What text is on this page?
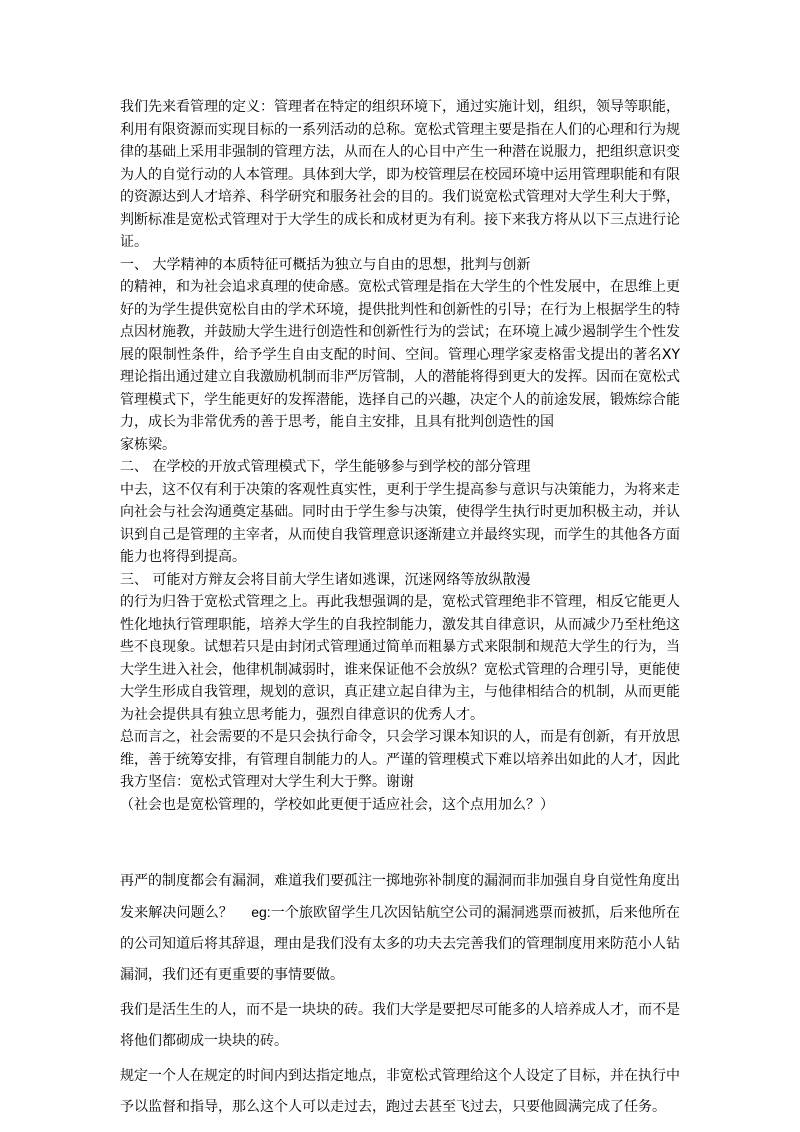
我们先来看管理的定义：管理者在特定的组织环境下，通过实施计划，组织，领导等职能，利用有限资源而实现目标的一系列活动的总称。宽松式管理主要是指在人们的心理和行为规律的基础上采用非强制的管理方法，从而在人的心目中产生一种潜在说服力，把组织意识变为人的自觉行动的人本管理。具体到大学，即为校管理层在校园环境中运用管理职能和有限的资源达到人才培养、科学研究和服务社会的目的。我们说宽松式管理对大学生利大于弊，判断标准是宽松式管理对于大学生的成长和成材更为有利。接下来我方将从以下三点进行论证。

一、 大学精神的本质特征可概括为独立与自由的思想，批判与创新

的精神，和为社会追求真理的使命感。宽松式管理是指在大学生的个性发展中，在思维上更好的为学生提供宽松自由的学术环境，提供批判性和创新性的引导；在行为上根据学生的特点因材施教，并鼓励大学生进行创造性和创新性行为的尝试；在环境上减少遏制学生个性发展的限制性条件，给予学生自由支配的时间、空间。管理心理学家麦格雷戈提出的著名XY理论指出通过建立自我激励机制而非严厉管制，人的潜能将得到更大的发挥。因而在宽松式管理模式下，学生能更好的发挥潜能，选择自己的兴趣，决定个人的前途发展，锻炼综合能力，成长为非常优秀的善于思考，能自主安排，且具有批判创造性的国

家栋梁。

二、 在学校的开放式管理模式下，学生能够参与到学校的部分管理

中去，这不仅有利于决策的客观性真实性，更利于学生提高参与意识与决策能力，为将来走向社会与社会沟通奠定基础。同时由于学生参与决策，使得学生执行时更加积极主动，并认识到自己是管理的主宰者，从而使自我管理意识逐渐建立并最终实现，而学生的其他各方面能力也将得到提高。

三、 可能对方辩友会将目前大学生诸如逃课，沉迷网络等放纵散漫

的行为归咎于宽松式管理之上。再此我想强调的是，宽松式管理绝非不管理，相反它能更人性化地执行管理职能，培养大学生的自我控制能力，激发其自律意识，从而减少乃至杜绝这些不良现象。试想若只是由封闭式管理通过简单而粗暴方式来限制和规范大学生的行为，当大学生进入社会，他律机制减弱时，谁来保证他不会放纵？宽松式管理的合理引导，更能使大学生形成自我管理，规划的意识，真正建立起自律为主，与他律相结合的机制，从而更能为社会提供具有独立思考能力，强烈自律意识的优秀人才。

总而言之，社会需要的不是只会执行命令，只会学习课本知识的人，而是有创新，有开放思维，善于统筹安排，有管理自制能力的人。严谨的管理模式下难以培养出如此的人才，因此我方坚信：宽松式管理对大学生利大于弊。谢谢

（社会也是宽松管理的，学校如此更便于适应社会，这个点用加么？）

再严的制度都会有漏洞，难道我们要孤注一掷地弥补制度的漏洞而非加强自身自觉性角度出发来解决问题么？ eg:一个旅欧留学生几次因钻航空公司的漏洞逃票而被抓，后来他所在的公司知道后将其辞退，理由是我们没有太多的功夫去完善我们的管理制度用来防范小人钻漏洞，我们还有更重要的事情要做。

我们是活生生的人，而不是一块块的砖。我们大学是要把尽可能多的人培养成人才，而不是将他们都砌成一块块的砖。

规定一个人在规定的时间内到达指定地点，非宽松式管理给这个人设定了目标，并在执行中予以监督和指导，那么这个人可以走过去，跑过去甚至飞过去，只要他圆满完成了任务。
